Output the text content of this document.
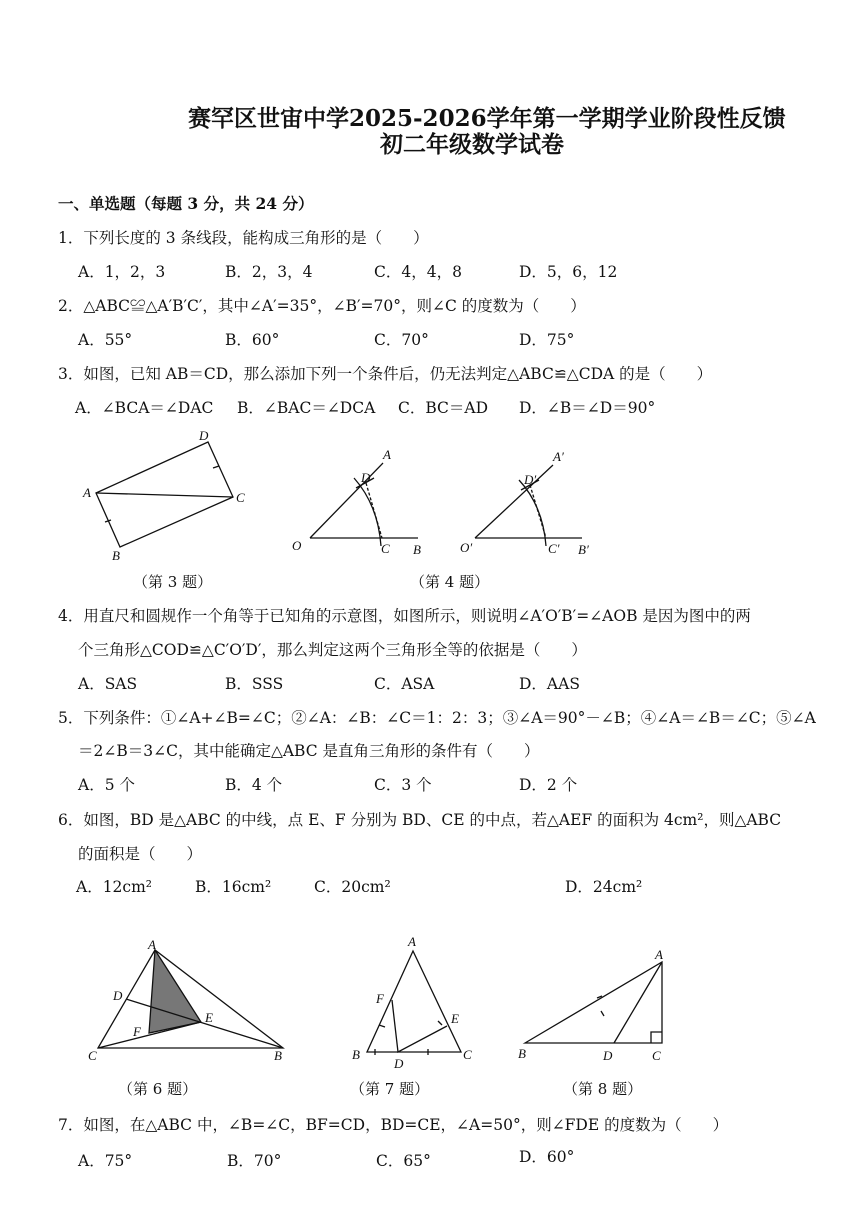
赛罕区世宙中学2025-2026学年第一学期学业阶段性反馈
初二年级数学试卷
一、单选题（每题 3 分，共 24 分）
1．下列长度的 3 条线段，能构成三角形的是（　　）
A．1，2，3	B．2，3，4	C．4，4，8	D．5，6，12
2．△ABC≌△A′B′C′，其中∠A′=35°，∠B′=70°，则∠C 的度数为（　　）
A．55°	B．60°	C．70°	D．75°
3．如图，已知 AB＝CD，那么添加下列一个条件后，仍无法判定△ABC≌△CDA 的是（　　）
A．∠BCA＝∠DAC B．∠BAC＝∠DCA C．BC＝AD D．∠B＝∠D＝90°
D
A	C
B
A
D
O	C B
A′
D′
O′	C′ B′
（第 3 题）	（第 4 题）
4．用直尺和圆规作一个角等于已知角的示意图，如图所示，则说明∠A′O′B′=∠AOB 是因为图中的两
个三角形△COD≌△C′O′D′，那么判定这两个三角形全等的依据是（　　）
A．SAS	B．SSS	C．ASA	D．AAS
5．下列条件：①∠A+∠B=∠C；②∠A：∠B：∠C＝1：2：3；③∠A＝90°－∠B；④∠A＝∠B＝∠C；⑤∠A
＝2∠B＝3∠C，其中能确定△ABC 是直角三角形的条件有（　　）
A．5 个	B．4 个	C．3 个	D．2 个
6．如图，BD 是△ABC 的中线，点 E、F 分别为 BD、CE 的中点，若△AEF 的面积为 4cm²，则△ABC
的面积是（　　）
A．12cm²	B．16cm²	C．20cm²	D．24cm²
A
D
F
E
C	B
A
F
E
B
D
C
A
B	D	C
（第 6 题）	（第 7 题）	（第 8 题）
7．如图，在△ABC 中，∠B=∠C，BF=CD，BD=CE，∠A=50°，则∠FDE 的度数为（　　）
A．75°	B．70°	C．65°	D．60°
